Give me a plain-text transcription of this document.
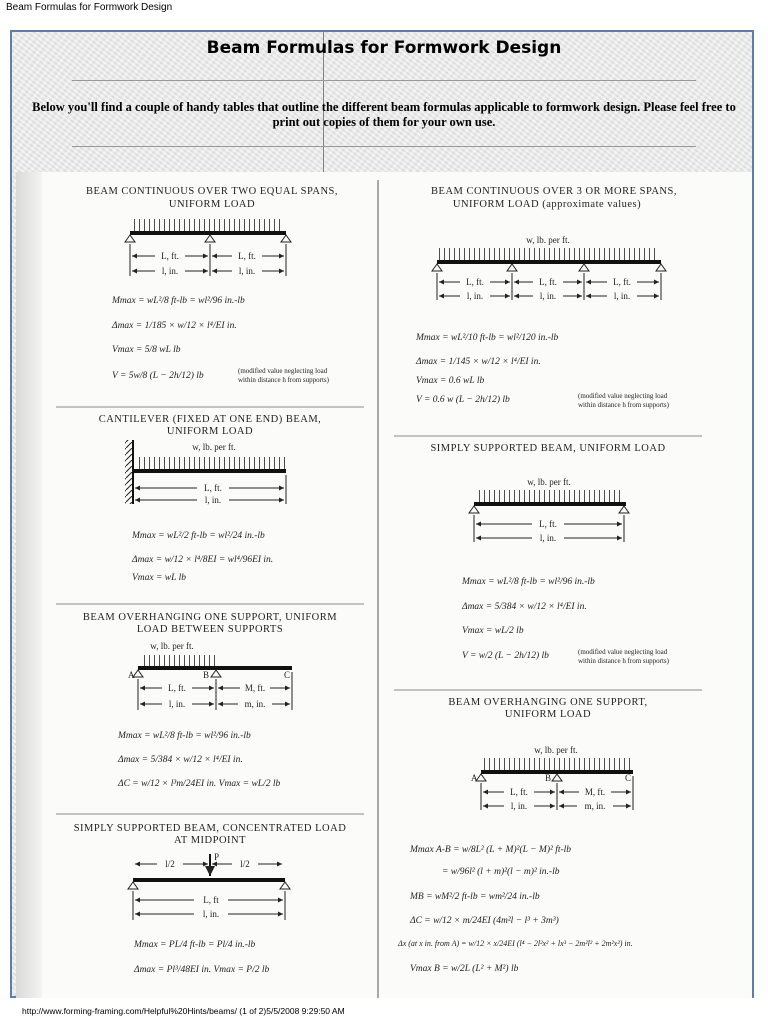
Beam Formulas for Formwork Design
Beam Formulas for Formwork Design
Below you'll find a couple of handy tables that outline the different beam formulas applicable to formwork design. Please feel free to print out copies of them for your own use.
BEAM CONTINUOUS OVER TWO EQUAL SPANS,
UNIFORM LOAD
L, ft.	L, ft.
l, in.	l, in.
Mmax = wL²/8 ft-lb = wl²/96 in.-lb
Δmax = 1/185 × w/12 × l⁴/EI in.
Vmax = 5/8 wL lb
V = 5w/8 (L − 2h/12) lb	(modified value neglecting load
within distance h from supports)
CANTILEVER (FIXED AT ONE END) BEAM,
UNIFORM LOAD
w, lb. per ft.
L, ft.
l, in.
Mmax = wL²/2 ft-lb = wl²/24 in.-lb
Δmax = w/12 × l⁴/8EI = wl⁴/96EI in.
Vmax = wL lb
BEAM OVERHANGING ONE SUPPORT, UNIFORM
LOAD BETWEEN SUPPORTS
w, lb. per ft.
A	B	C
L, ft.	M, ft.
l, in.	m, in.
Mmax = wL²/8 ft-lb = wl²/96 in.-lb
Δmax = 5/384 × w/12 × l⁴/EI in.
ΔC = w/12 × l³m/24EI in. Vmax = wL/2 lb
SIMPLY SUPPORTED BEAM, CONCENTRATED LOAD
AT MIDPOINT
l/2	l/2
P
L, ft
l, in.
Mmax = PL/4 ft-lb = Pl/4 in.-lb
Δmax = Pl³/48EI in. Vmax = P/2 lb
BEAM CONTINUOUS OVER 3 OR MORE SPANS,
UNIFORM LOAD (approximate values)
w, lb. per ft.
L, ft.	L, ft.	L, ft.
l, in.	l, in.	l, in.
Mmax = wL²/10 ft-lb = wl²/120 in.-lb
Δmax = 1/145 × w/12 × l⁴/EI in.
Vmax = 0.6 wL lb
V = 0.6 w (L − 2h/12) lb	(modified value neglecting load
within distance h from supports)
SIMPLY SUPPORTED BEAM, UNIFORM LOAD
w, lb. per ft.
L, ft.
l, in.
Mmax = wL²/8 ft-lb = wl²/96 in.-lb
Δmax = 5/384 × w/12 × l⁴/EI in.
Vmax = wL/2 lb
V = w/2 (L − 2h/12) lb	(modified value neglecting load
within distance h from supports)
BEAM OVERHANGING ONE SUPPORT,
UNIFORM LOAD
w, lb. per ft.
A	B	C
L, ft.	M, ft.
l, in.	m, in.
Mmax A-B = w/8L² (L + M)²(L − M)² ft-lb
= w/96l² (l + m)²(l − m)² in.-lb
MB = wM²/2 ft-lb = wm²/24 in.-lb
ΔC = w/12 × m/24EI (4m²l − l³ + 3m³)
Δx (at x in. from A) = w/12 × x/24EI (l⁴ − 2l²x² + lx³ − 2m²l² + 2m²x²) in.
Vmax B = w/2L (L² + M²) lb
http://www.forming-framing.com/Helpful%20Hints/beams/ (1 of 2)5/5/2008 9:29:50 AM
